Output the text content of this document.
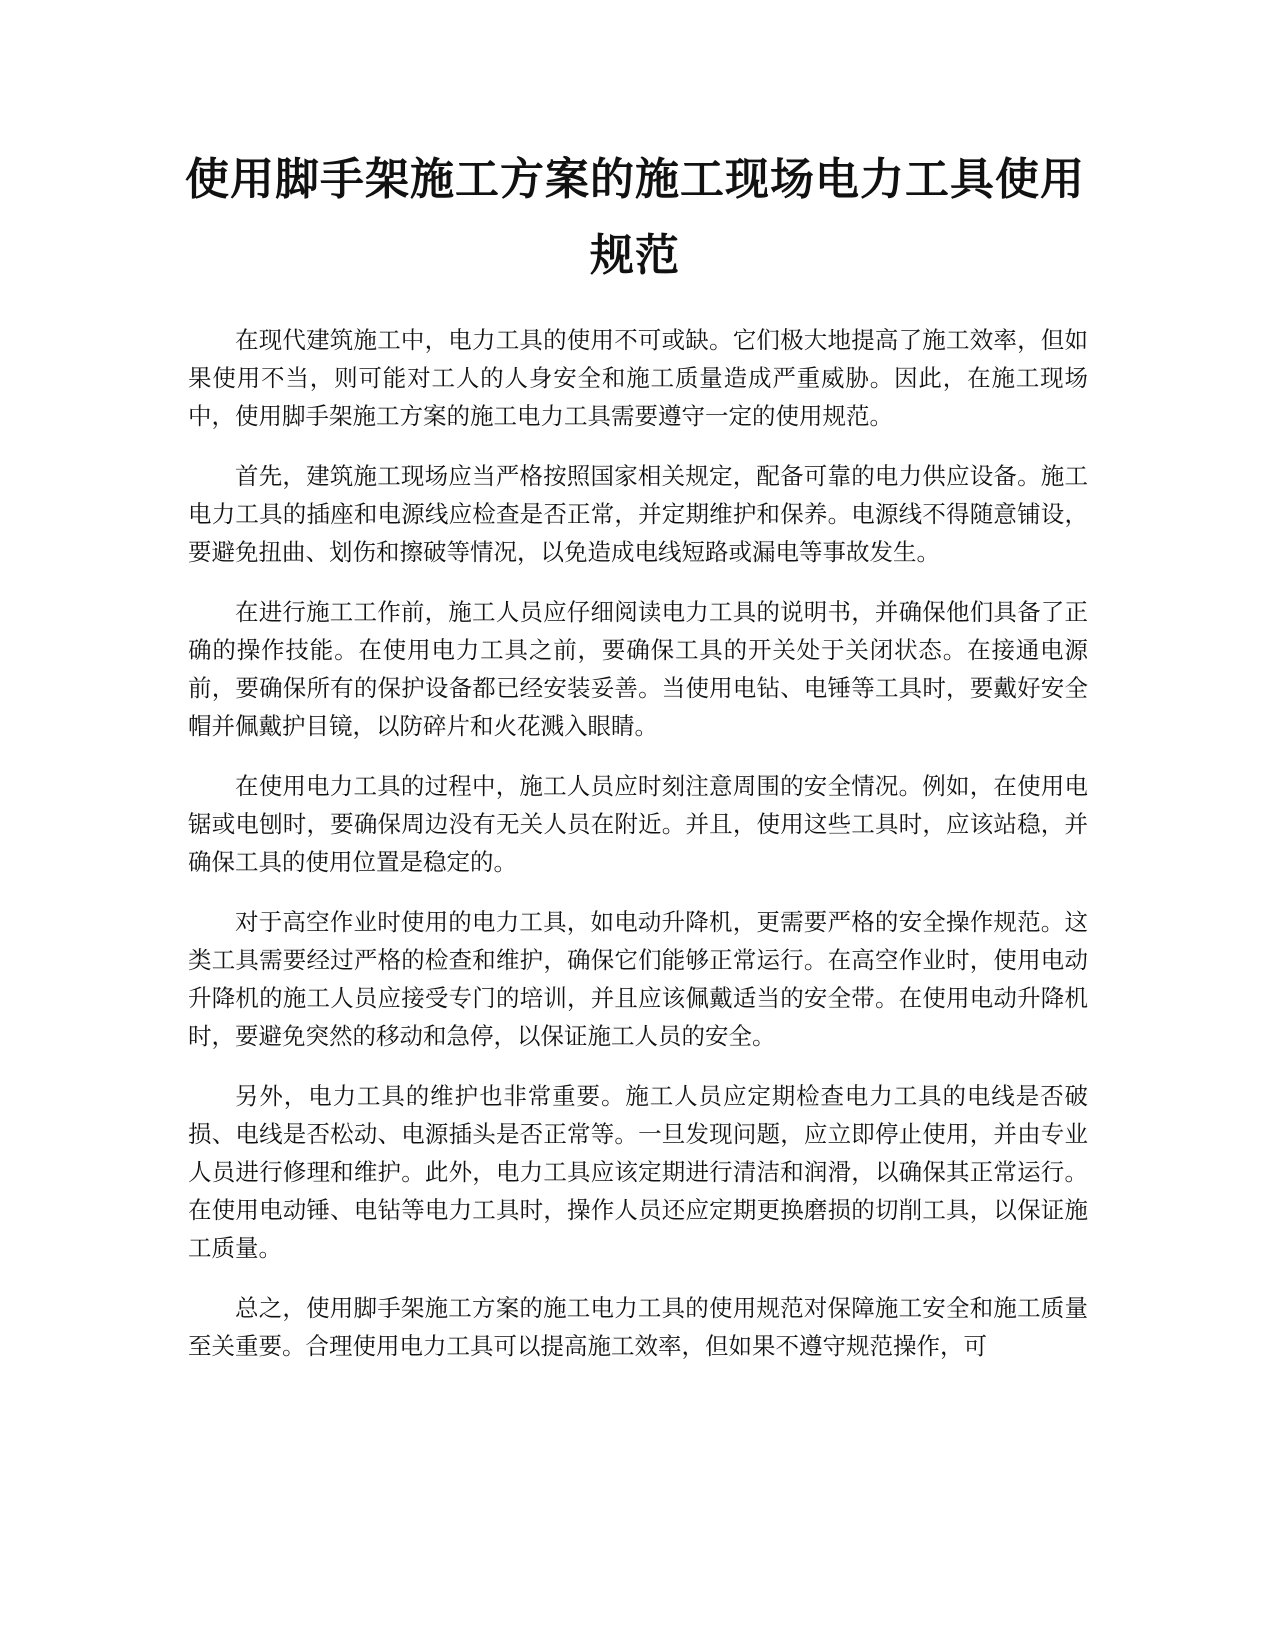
使用脚手架施工方案的施工现场电力工具使用规范

在现代建筑施工中，电力工具的使用不可或缺。它们极大地提高了施工效率，但如果使用不当，则可能对工人的人身安全和施工质量造成严重威胁。因此，在施工现场中，使用脚手架施工方案的施工电力工具需要遵守一定的使用规范。

首先，建筑施工现场应当严格按照国家相关规定，配备可靠的电力供应设备。施工电力工具的插座和电源线应检查是否正常，并定期维护和保养。电源线不得随意铺设，要避免扭曲、划伤和擦破等情况，以免造成电线短路或漏电等事故发生。

在进行施工工作前，施工人员应仔细阅读电力工具的说明书，并确保他们具备了正确的操作技能。在使用电力工具之前，要确保工具的开关处于关闭状态。在接通电源前，要确保所有的保护设备都已经安装妥善。当使用电钻、电锤等工具时，要戴好安全帽并佩戴护目镜，以防碎片和火花溅入眼睛。

在使用电力工具的过程中，施工人员应时刻注意周围的安全情况。例如，在使用电锯或电刨时，要确保周边没有无关人员在附近。并且，使用这些工具时，应该站稳，并确保工具的使用位置是稳定的。

对于高空作业时使用的电力工具，如电动升降机，更需要严格的安全操作规范。这类工具需要经过严格的检查和维护，确保它们能够正常运行。在高空作业时，使用电动升降机的施工人员应接受专门的培训，并且应该佩戴适当的安全带。在使用电动升降机时，要避免突然的移动和急停，以保证施工人员的安全。

另外，电力工具的维护也非常重要。施工人员应定期检查电力工具的电线是否破损、电线是否松动、电源插头是否正常等。一旦发现问题，应立即停止使用，并由专业人员进行修理和维护。此外，电力工具应该定期进行清洁和润滑，以确保其正常运行。在使用电动锤、电钻等电力工具时，操作人员还应定期更换磨损的切削工具，以保证施工质量。

总之，使用脚手架施工方案的施工电力工具的使用规范对保障施工安全和施工质量至关重要。合理使用电力工具可以提高施工效率，但如果不遵守规范操作，可
